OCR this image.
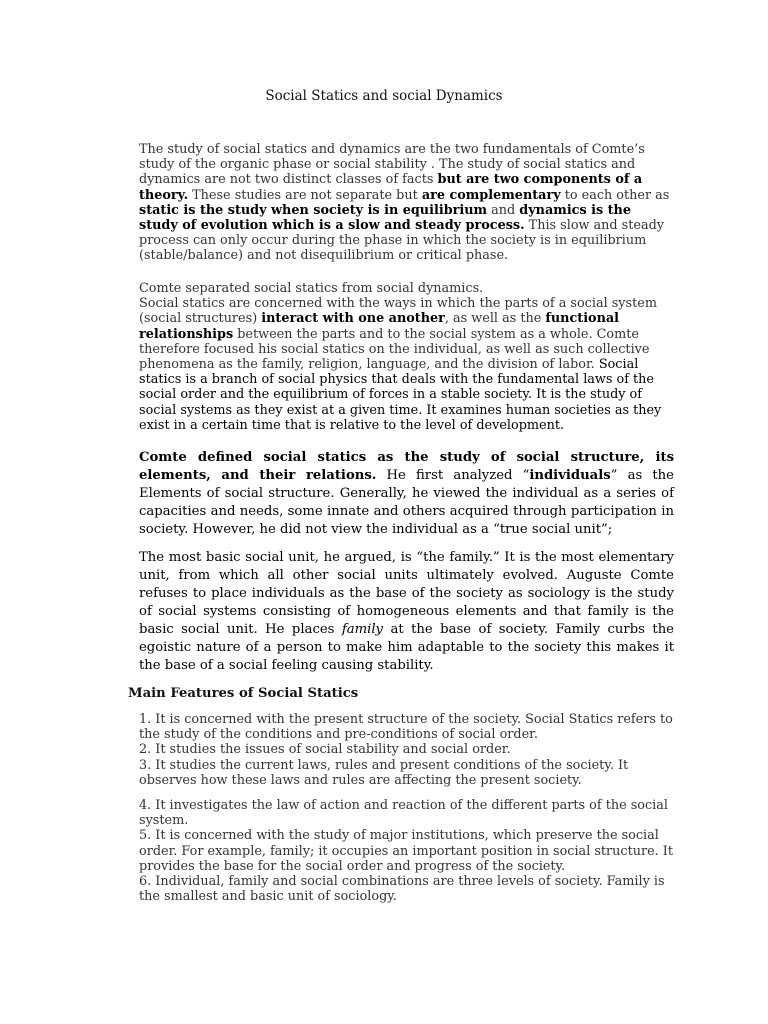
Social Statics and social Dynamics
The study of social statics and dynamics are the two fundamentals of Comte’s study of the organic phase or social stability . The study of social statics and dynamics are not two distinct classes of facts but are two components of a theory. These studies are not separate but are complementary to each other as static is the study when society is in equilibrium and dynamics is the study of evolution which is a slow and steady process. This slow and steady process can only occur during the phase in which the society is in equilibrium (stable/balance) and not disequilibrium or critical phase.
Comte separated social statics from social dynamics.
Social statics are concerned with the ways in which the parts of a social system (social structures) interact with one another, as well as the functional relationships between the parts and to the social system as a whole. Comte therefore focused his social statics on the individual, as well as such collective phenomena as the family, religion, language, and the division of labor. Social statics is a branch of social physics that deals with the fundamental laws of the social order and the equilibrium of forces in a stable society. It is the study of social systems as they exist at a given time. It examines human societies as they exist in a certain time that is relative to the level of development.
Comte defined social statics as the study of social structure, its elements, and their relations. He first analyzed “individuals” as the Elements of social structure. Generally, he viewed the individual as a series of capacities and needs, some innate and others acquired through participation in society. However, he did not view the individual as a “true social unit”;
The most basic social unit, he argued, is “the family.” It is the most elementary unit, from which all other social units ultimately evolved. Auguste Comte refuses to place individuals as the base of the society as sociology is the study of social systems consisting of homogeneous elements and that family is the basic social unit. He places family at the base of society. Family curbs the egoistic nature of a person to make him adaptable to the society this makes it the base of a social feeling causing stability.
Main Features of Social Statics
1. It is concerned with the present structure of the society. Social Statics refers to the study of the conditions and pre-conditions of social order.
2. It studies the issues of social stability and social order.
3. It studies the current laws, rules and present conditions of the society. It observes how these laws and rules are affecting the present society.
4. It investigates the law of action and reaction of the different parts of the social system.
5. It is concerned with the study of major institutions, which preserve the social order. For example, family; it occupies an important position in social structure. It provides the base for the social order and progress of the society.
6. Individual, family and social combinations are three levels of society. Family is the smallest and basic unit of sociology.
